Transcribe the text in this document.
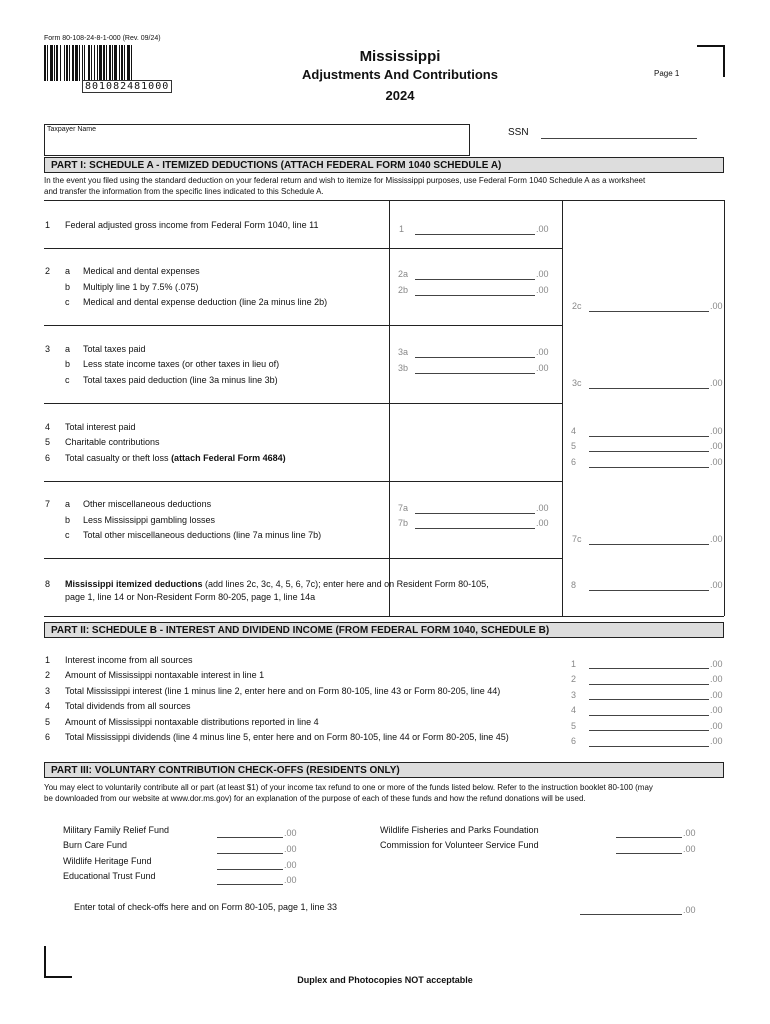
Form 80-108-24-8-1-000 (Rev. 09/24)
801082481000
Mississippi
Adjustments And Contributions
2024
Page 1
Taxpayer Name	SSN
PART I: SCHEDULE A - ITEMIZED DEDUCTIONS (ATTACH FEDERAL FORM 1040 SCHEDULE A)
In the event you filed using the standard deduction on your federal return and wish to itemize for Mississippi purposes, use Federal Form 1040 Schedule A as a worksheet
and transfer the information from the specific lines indicated to this Schedule A.
1 Federal adjusted gross income from Federal Form 1040, line 11	1	.00
2 a Medical and dental expenses	2a	.00
b Multiply line 1 by 7.5% (.075)	2b	.00
c Medical and dental expense deduction (line 2a minus line 2b)	2c	.00
3 a Total taxes paid	3a	.00
b Less state income taxes (or other taxes in lieu of)	3b	.00
c Total taxes paid deduction (line 3a minus line 3b)	3c	.00
4 Total interest paid	4	.00
5 Charitable contributions	5	.00
6 Total casualty or theft loss (attach Federal Form 4684)	6	.00
7 a Other miscellaneous deductions	7a	.00
b Less Mississippi gambling losses	7b	.00
c Total other miscellaneous deductions (line 7a minus line 7b)	7c	.00
8 Mississippi itemized deductions (add lines 2c, 3c, 4, 5, 6, 7c); enter here and on Resident Form 80-105,
page 1, line 14 or Non-Resident Form 80-205, page 1, line 14a
8	.00
PART II: SCHEDULE B - INTEREST AND DIVIDEND INCOME (FROM FEDERAL FORM 1040, SCHEDULE B)
1 Interest income from all sources	1	.00
2 Amount of Mississippi nontaxable interest in line 1	2	.00
3 Total Mississippi interest (line 1 minus line 2, enter here and on Form 80-105, line 43 or Form 80-205, line 44)	3	.00
4 Total dividends from all sources	4	.00
5 Amount of Mississippi nontaxable distributions reported in line 4	5	.00
6 Total Mississippi dividends (line 4 minus line 5, enter here and on Form 80-105, line 44 or Form 80-205, line 45)	6	.00
PART III: VOLUNTARY CONTRIBUTION CHECK-OFFS (RESIDENTS ONLY)
You may elect to voluntarily contribute all or part (at least $1) of your income tax refund to one or more of the funds listed below. Refer to the instruction booklet 80-100 (may
be downloaded from our website at www.dor.ms.gov) for an explanation of the purpose of each of these funds and how the refund donations will be used.
Military Family Relief Fund	.00
Burn Care Fund	.00
Wildlife Heritage Fund	.00
Educational Trust Fund	.00
Wildlife Fisheries and Parks Foundation	.00
Commission for Volunteer Service Fund	.00
Enter total of check-offs here and on Form 80-105, page 1, line 33	.00
Duplex and Photocopies NOT acceptable
